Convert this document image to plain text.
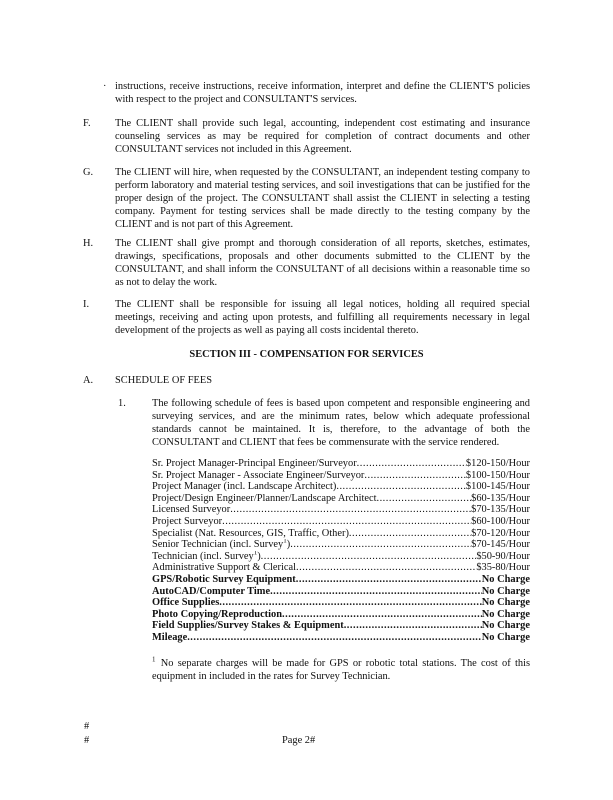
· instructions, receive instructions, receive information, interpret and define the CLIENT'S policies with respect to the project and CONSULTANT'S services.
F. The CLIENT shall provide such legal, accounting, independent cost estimating and insurance counseling services as may be required for completion of contract documents and other CONSULTANT services not included in this Agreement.
G. The CLIENT will hire, when requested by the CONSULTANT, an independent testing company to perform laboratory and material testing services, and soil investigations that can be justified for the proper design of the project. The CONSULTANT shall assist the CLIENT in selecting a testing company. Payment for testing services shall be made directly to the testing company by the CLIENT and is not part of this Agreement.
H. The CLIENT shall give prompt and thorough consideration of all reports, sketches, estimates, drawings, specifications, proposals and other documents submitted to the CLIENT by the CONSULTANT, and shall inform the CONSULTANT of all decisions within a reasonable time so as not to delay the work.
I. The CLIENT shall be responsible for issuing all legal notices, holding all required special meetings, receiving and acting upon protests, and fulfilling all requirements necessary in legal development of the projects as well as paying all costs incidental thereto.
SECTION III - COMPENSATION FOR SERVICES
A. SCHEDULE OF FEES
1.	The following schedule of fees is based upon competent and responsible engineering and surveying services, and are the minimum rates, below which adequate professional standards cannot be maintained. It is, therefore, to the advantage of both the CONSULTANT and CLIENT that fees be commensurate with the service rendered.
Sr. Project Manager-Principal Engineer/Surveyor .....	$120-150/Hour
Sr. Project Manager - Associate Engineer/Surveyor .....	$100-150/Hour
Project Manager (incl. Landscape Architect) .....	$100-145/Hour
Project/Design Engineer/Planner/Landscape Architect .....	$60-135/Hour
Licensed Surveyor .....	$70-135/Hour
Project Surveyor .....	$60-100/Hour
Specialist (Nat. Resources, GIS, Traffic, Other) .....	$70-120/Hour
Senior Technician (incl. Survey$^1$) .....	$70-145/Hour
Technician (incl. Survey$^1$) .....	$50-90/Hour
Administrative Support & Clerical .....	$35-80/Hour
GPS/Robotic Survey Equipment .....	No Charge
AutoCAD/Computer Time .....	No Charge
Office Supplies .....	No Charge
Photo Copying/Reproduction .....	No Charge
Field Supplies/Survey Stakes & Equipment .....	No Charge
Mileage .....	No Charge
$^1$ No separate charges will be made for GPS or robotic total stations. The cost of this equipment in included in the rates for Survey Technician.
#
#	Page 2#
